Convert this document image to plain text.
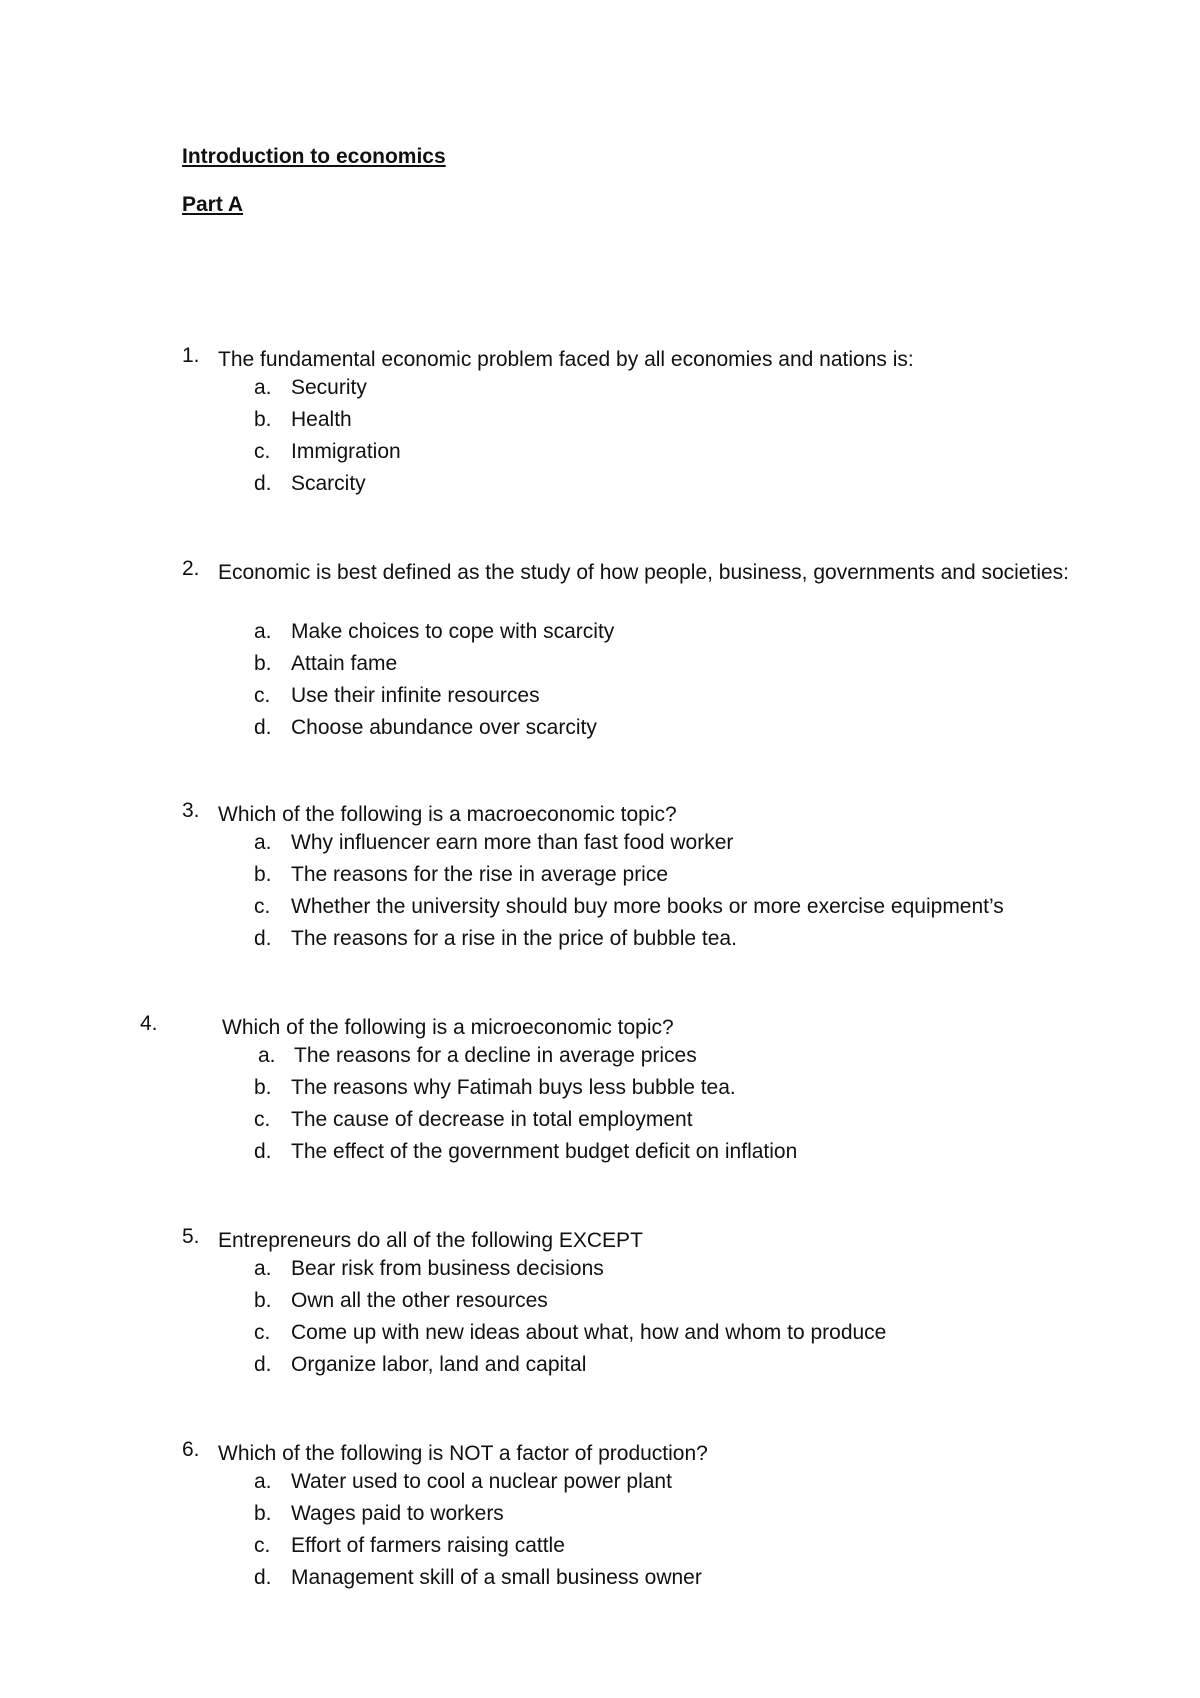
Introduction to economics
Part A
1. The fundamental economic problem faced by all economies and nations is:
a. Security
b. Health
c. Immigration
d. Scarcity
2. Economic is best defined as the study of how people, business, governments and societies:
a. Make choices to cope with scarcity
b. Attain fame
c. Use their infinite resources
d. Choose abundance over scarcity
3. Which of the following is a macroeconomic topic?
a. Why influencer earn more than fast food worker
b. The reasons for the rise in average price
c. Whether the university should buy more books or more exercise equipment’s
d. The reasons for a rise in the price of bubble tea.
4.	Which of the following is a microeconomic topic?
a. The reasons for a decline in average prices
b. The reasons why Fatimah buys less bubble tea.
c. The cause of decrease in total employment
d. The effect of the government budget deficit on inflation
5. Entrepreneurs do all of the following EXCEPT
a. Bear risk from business decisions
b. Own all the other resources
c. Come up with new ideas about what, how and whom to produce
d. Organize labor, land and capital
6. Which of the following is NOT a factor of production?
a. Water used to cool a nuclear power plant
b. Wages paid to workers
c. Effort of farmers raising cattle
d. Management skill of a small business owner
